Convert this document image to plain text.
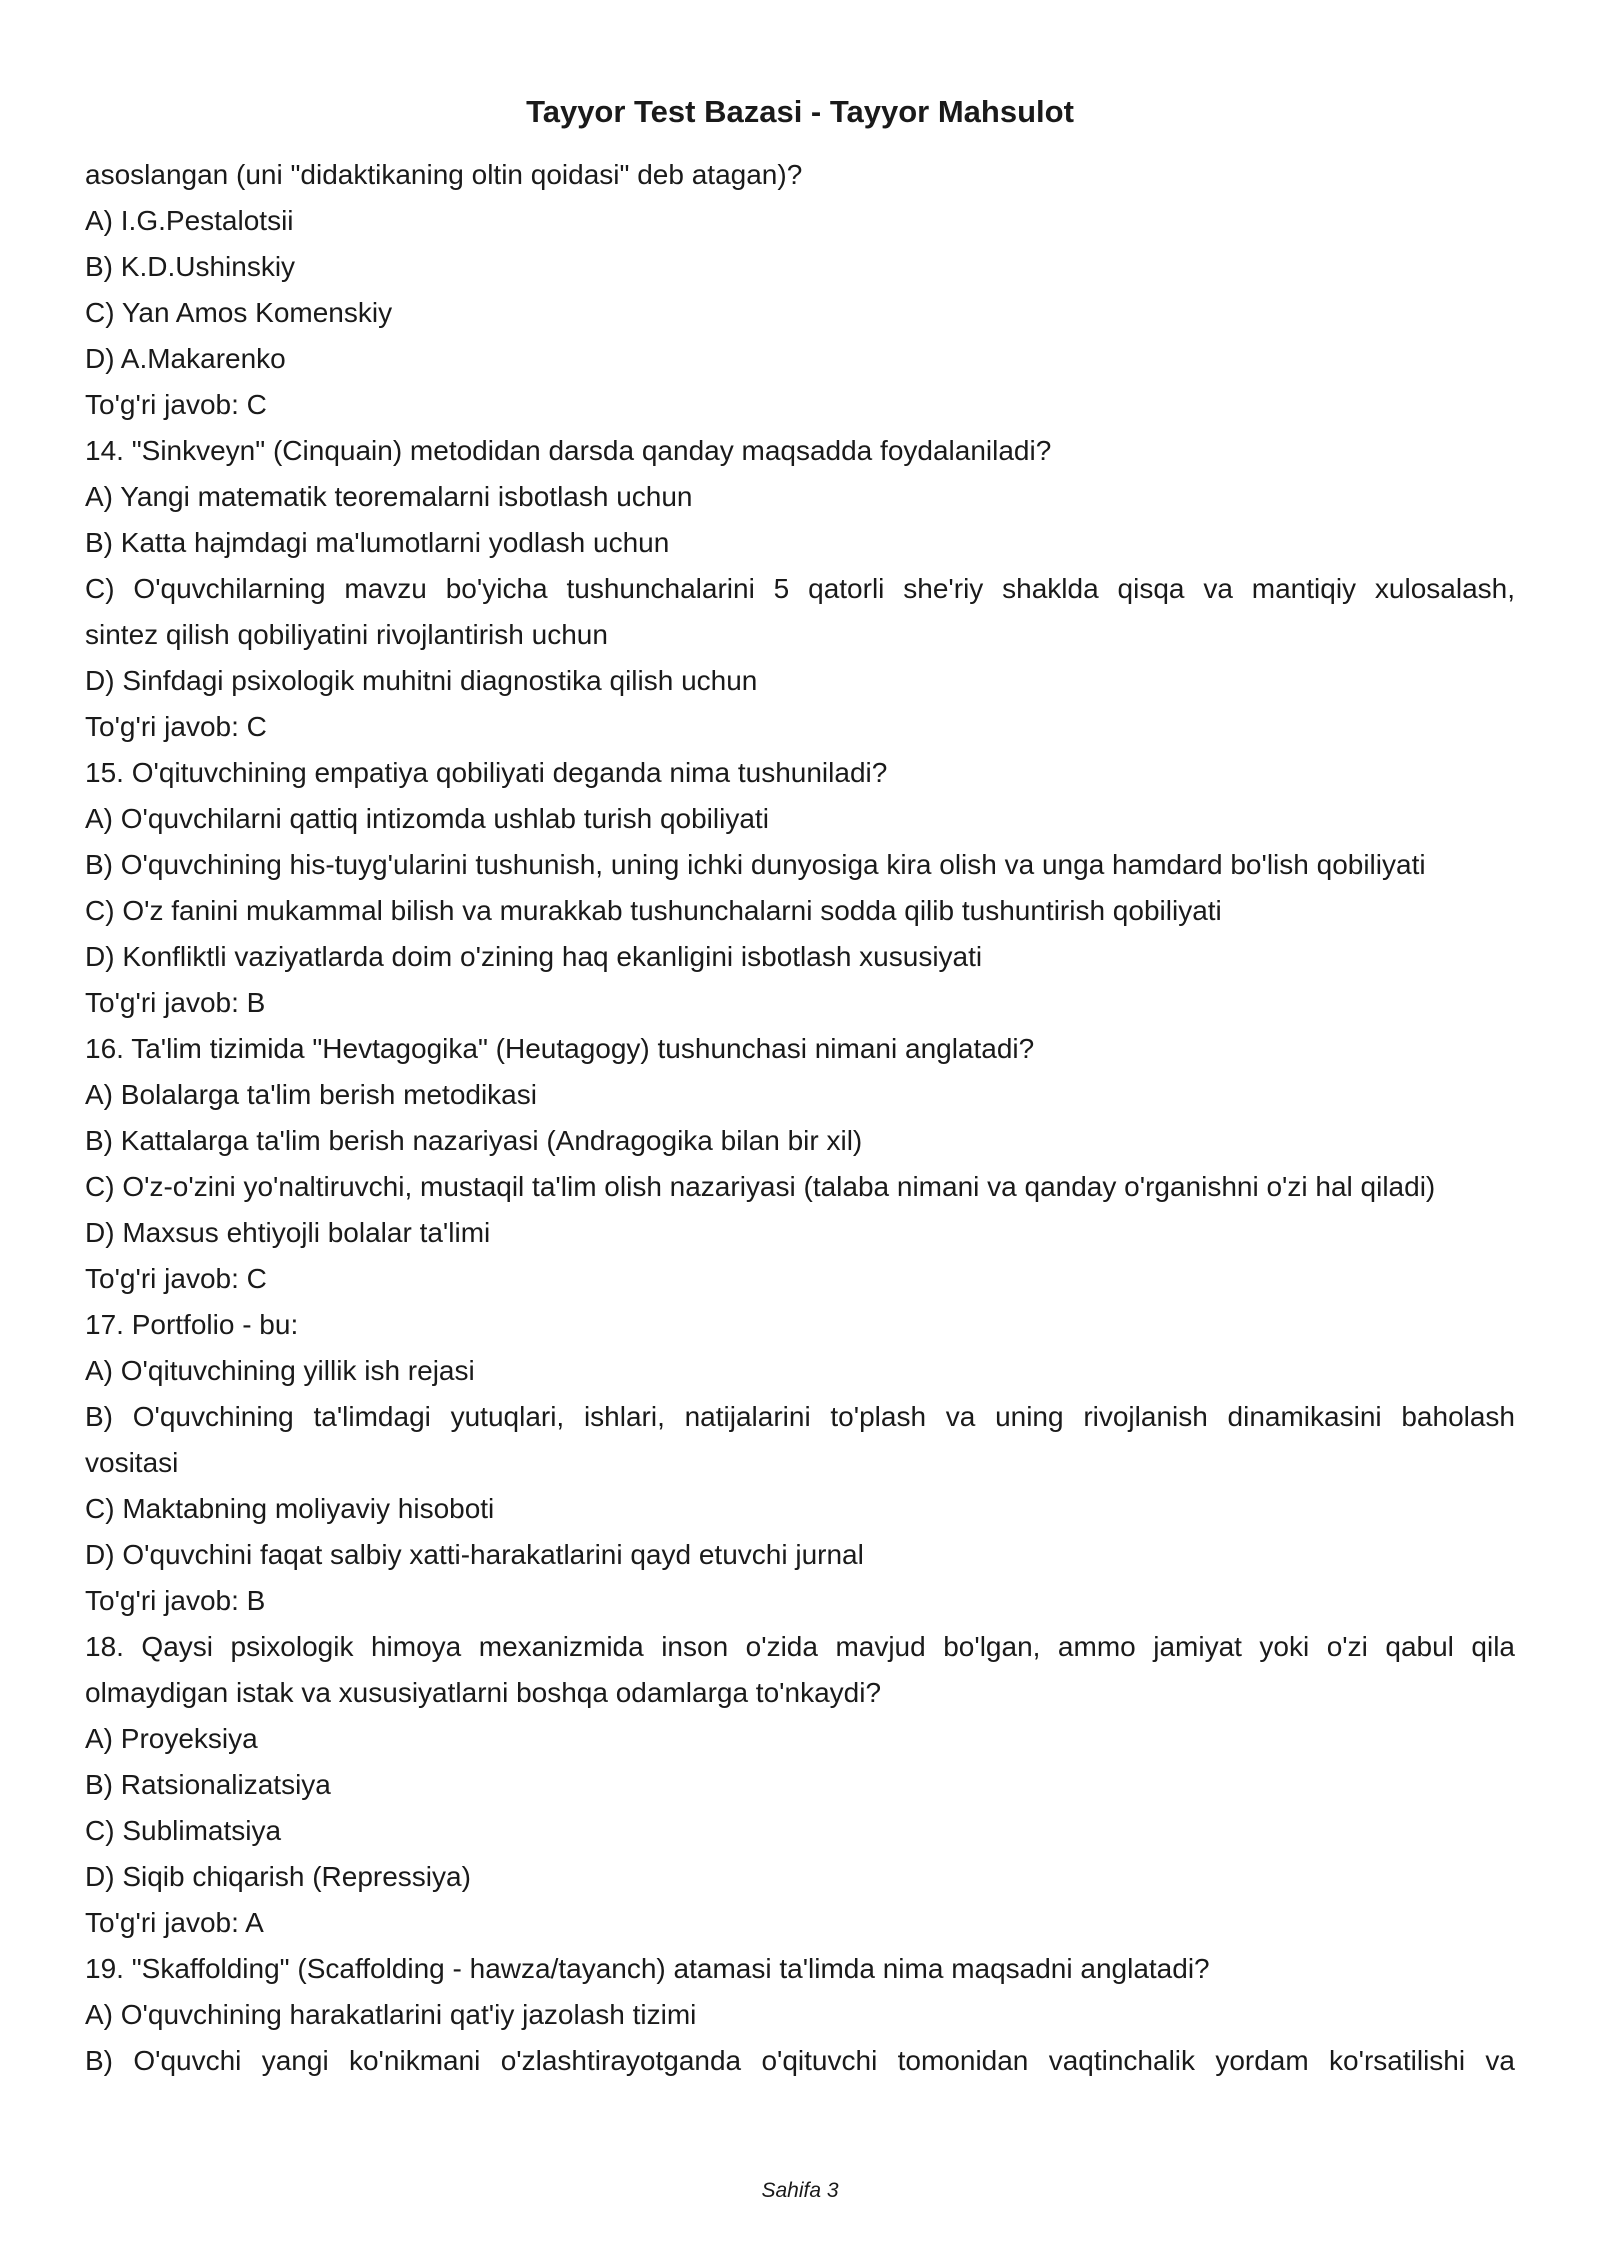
Tayyor Test Bazasi - Tayyor Mahsulot
asoslangan (uni "didaktikaning oltin qoidasi" deb atagan)?
A) I.G.Pestalotsii
B) K.D.Ushinskiy
C) Yan Amos Komenskiy
D) A.Makarenko
To'g'ri javob: C
14. "Sinkveyn" (Cinquain) metodidan darsda qanday maqsadda foydalaniladi?
A) Yangi matematik teoremalarni isbotlash uchun
B) Katta hajmdagi ma'lumotlarni yodlash uchun
C) O'quvchilarning mavzu bo'yicha tushunchalarini 5 qatorli she'riy shaklda qisqa va mantiqiy xulosalash,
sintez qilish qobiliyatini rivojlantirish uchun
D) Sinfdagi psixologik muhitni diagnostika qilish uchun
To'g'ri javob: C
15. O'qituvchining empatiya qobiliyati deganda nima tushuniladi?
A) O'quvchilarni qattiq intizomda ushlab turish qobiliyati
B) O'quvchining his-tuyg'ularini tushunish, uning ichki dunyosiga kira olish va unga hamdard bo'lish qobiliyati
C) O'z fanini mukammal bilish va murakkab tushunchalarni sodda qilib tushuntirish qobiliyati
D) Konfliktli vaziyatlarda doim o'zining haq ekanligini isbotlash xususiyati
To'g'ri javob: B
16. Ta'lim tizimida "Hevtagogika" (Heutagogy) tushunchasi nimani anglatadi?
A) Bolalarga ta'lim berish metodikasi
B) Kattalarga ta'lim berish nazariyasi (Andragogika bilan bir xil)
C) O'z-o'zini yo'naltiruvchi, mustaqil ta'lim olish nazariyasi (talaba nimani va qanday o'rganishni o'zi hal qiladi)
D) Maxsus ehtiyojli bolalar ta'limi
To'g'ri javob: C
17. Portfolio - bu:
A) O'qituvchining yillik ish rejasi
B) O'quvchining ta'limdagi yutuqlari, ishlari, natijalarini to'plash va uning rivojlanish dinamikasini baholash
vositasi
C) Maktabning moliyaviy hisoboti
D) O'quvchini faqat salbiy xatti-harakatlarini qayd etuvchi jurnal
To'g'ri javob: B
18. Qaysi psixologik himoya mexanizmida inson o'zida mavjud bo'lgan, ammo jamiyat yoki o'zi qabul qila
olmaydigan istak va xususiyatlarni boshqa odamlarga to'nkaydi?
A) Proyeksiya
B) Ratsionalizatsiya
C) Sublimatsiya
D) Siqib chiqarish (Repressiya)
To'g'ri javob: A
19. "Skaffolding" (Scaffolding - hawza/tayanch) atamasi ta'limda nima maqsadni anglatadi?
A) O'quvchining harakatlarini qat'iy jazolash tizimi
B) O'quvchi yangi ko'nikmani o'zlashtirayotganda o'qituvchi tomonidan vaqtinchalik yordam ko'rsatilishi va
Sahifa 3
